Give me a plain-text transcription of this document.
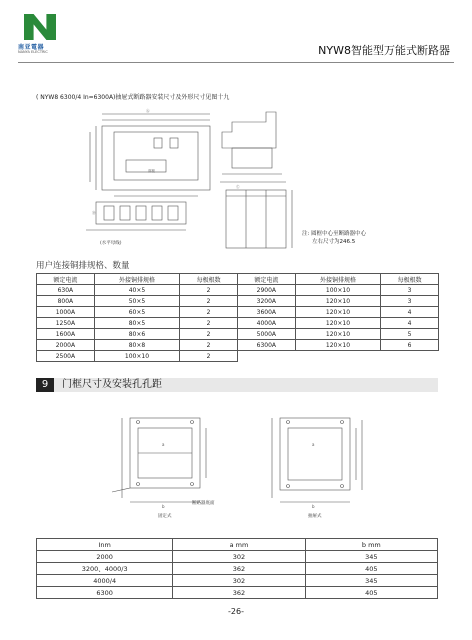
南亚電器
NANYA ELECTRIC	NYW8智能型万能式断路器
( NYW8 6300/4 In=6300A)抽屉式断路器安装尺寸及外形尺寸见图十九
Ⓐ
面板
Ⓑ
Ⓒ
(水平母线)
注: 圆框中心至断路器中心
左右尺寸为246.5
用户连接铜排规格、数量
额定电流	外接铜排规格	每极根数	额定电流	外接铜排规格	每极根数
630A	40×5	2	2900A	100×10	3
800A	50×5	2	3200A	120×10	3
1000A	60×5	2	3600A	120×10	4
1250A	80×5	2	4000A	120×10	4
1600A	80×6	2	5000A	120×10	5
2000A	80×8	2	6300A	120×10	6
2500A	100×10	2			
9	门框尺寸及安装孔孔距
a
b
a
b
断路器底面
固定式	抽屉式
Inm	a mm	b mm
2000	302	345
3200、4000/3	362	405
4000/4	302	345
6300	362	405
-26-
